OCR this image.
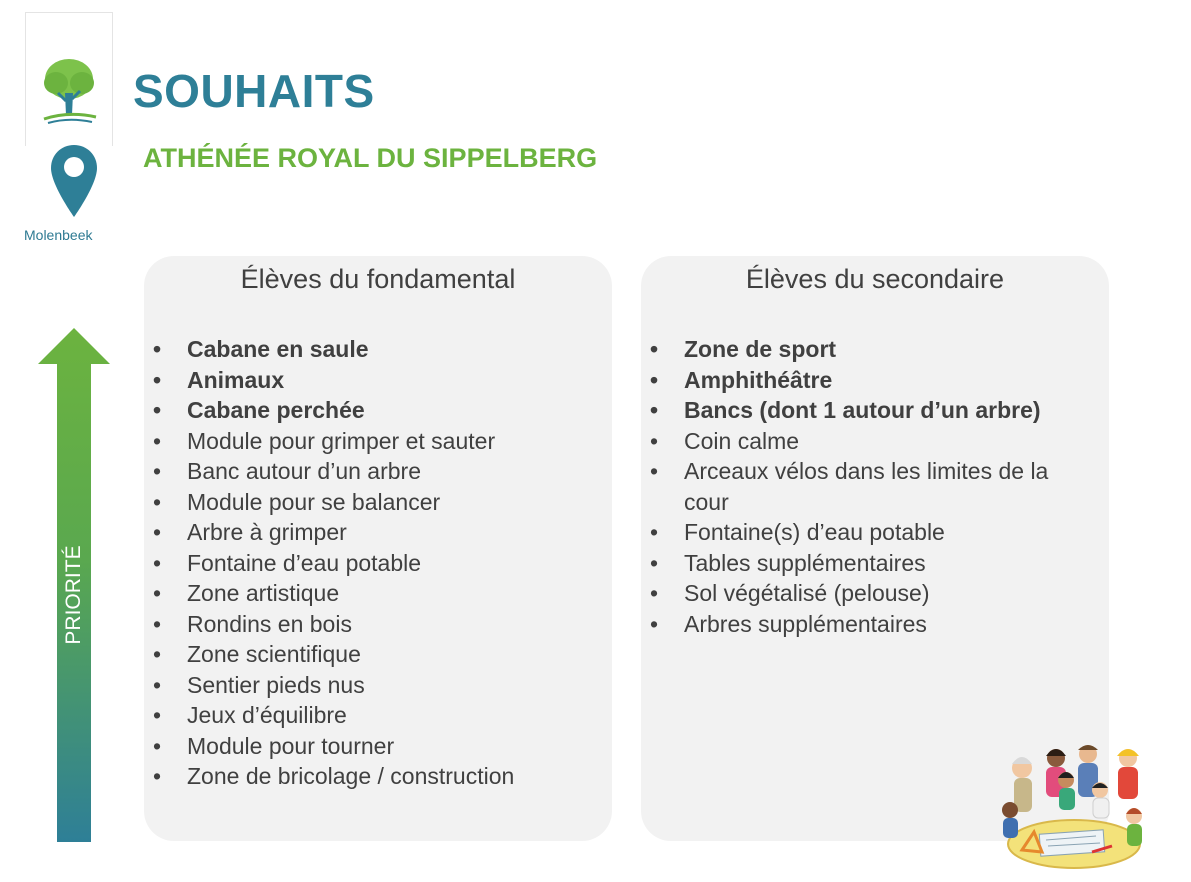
Molenbeek
SOUHAITS
ATHÉNÉE ROYAL DU SIPPELBERG
PRIORITÉ
Élèves du fondamental
• Cabane en saule
• Animaux
• Cabane perchée
• Module pour grimper et sauter
• Banc autour d’un arbre
• Module pour se balancer
• Arbre à grimper
• Fontaine d’eau potable
• Zone artistique
• Rondins en bois
• Zone scientifique
• Sentier pieds nus
• Jeux d’équilibre
• Module pour tourner
• Zone de bricolage / construction
Élèves du secondaire
• Zone de sport
• Amphithéâtre
• Bancs (dont 1 autour d’un arbre)
• Coin calme
• Arceaux vélos dans les limites de la cour
• Fontaine(s) d’eau potable
• Tables supplémentaires
• Sol végétalisé (pelouse)
• Arbres supplémentaires
